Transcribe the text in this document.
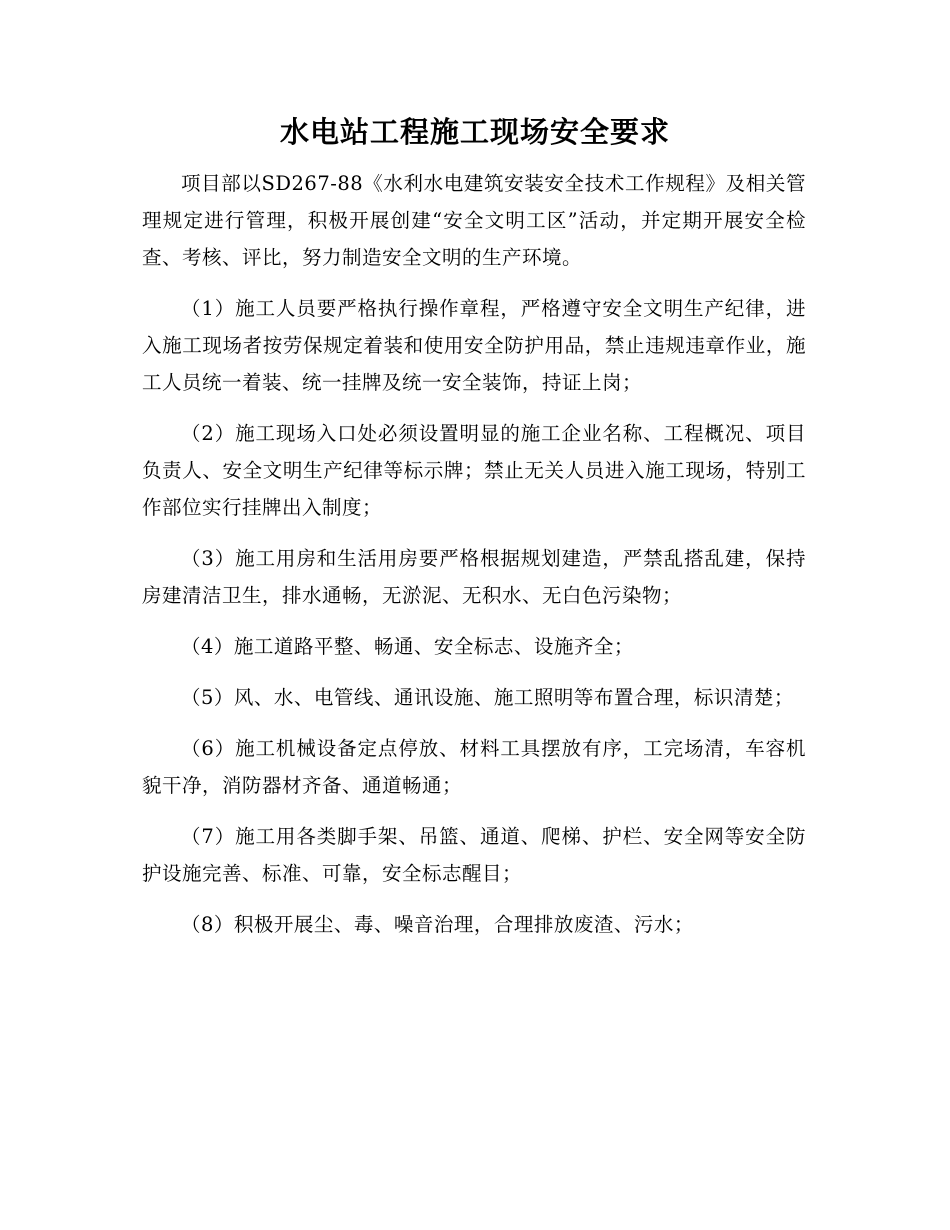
水电站工程施工现场安全要求

项目部以SD267-88《水利水电建筑安装安全技术工作规程》及相关管理规定进行管理，积极开展创建“安全文明工区”活动，并定期开展安全检查、考核、评比，努力制造安全文明的生产环境。

（1）施工人员要严格执行操作章程，严格遵守安全文明生产纪律，进入施工现场者按劳保规定着装和使用安全防护用品，禁止违规违章作业，施工人员统一着装、统一挂牌及统一安全装饰，持证上岗；

（2）施工现场入口处必须设置明显的施工企业名称、工程概况、项目负责人、安全文明生产纪律等标示牌；禁止无关人员进入施工现场，特别工作部位实行挂牌出入制度；

（3）施工用房和生活用房要严格根据规划建造，严禁乱搭乱建，保持房建清洁卫生，排水通畅，无淤泥、无积水、无白色污染物；

（4）施工道路平整、畅通、安全标志、设施齐全；

（5）风、水、电管线、通讯设施、施工照明等布置合理，标识清楚；

（6）施工机械设备定点停放、材料工具摆放有序，工完场清，车容机貌干净，消防器材齐备、通道畅通；

（7）施工用各类脚手架、吊篮、通道、爬梯、护栏、安全网等安全防护设施完善、标准、可靠，安全标志醒目；

（8）积极开展尘、毒、噪音治理，合理排放废渣、污水；
